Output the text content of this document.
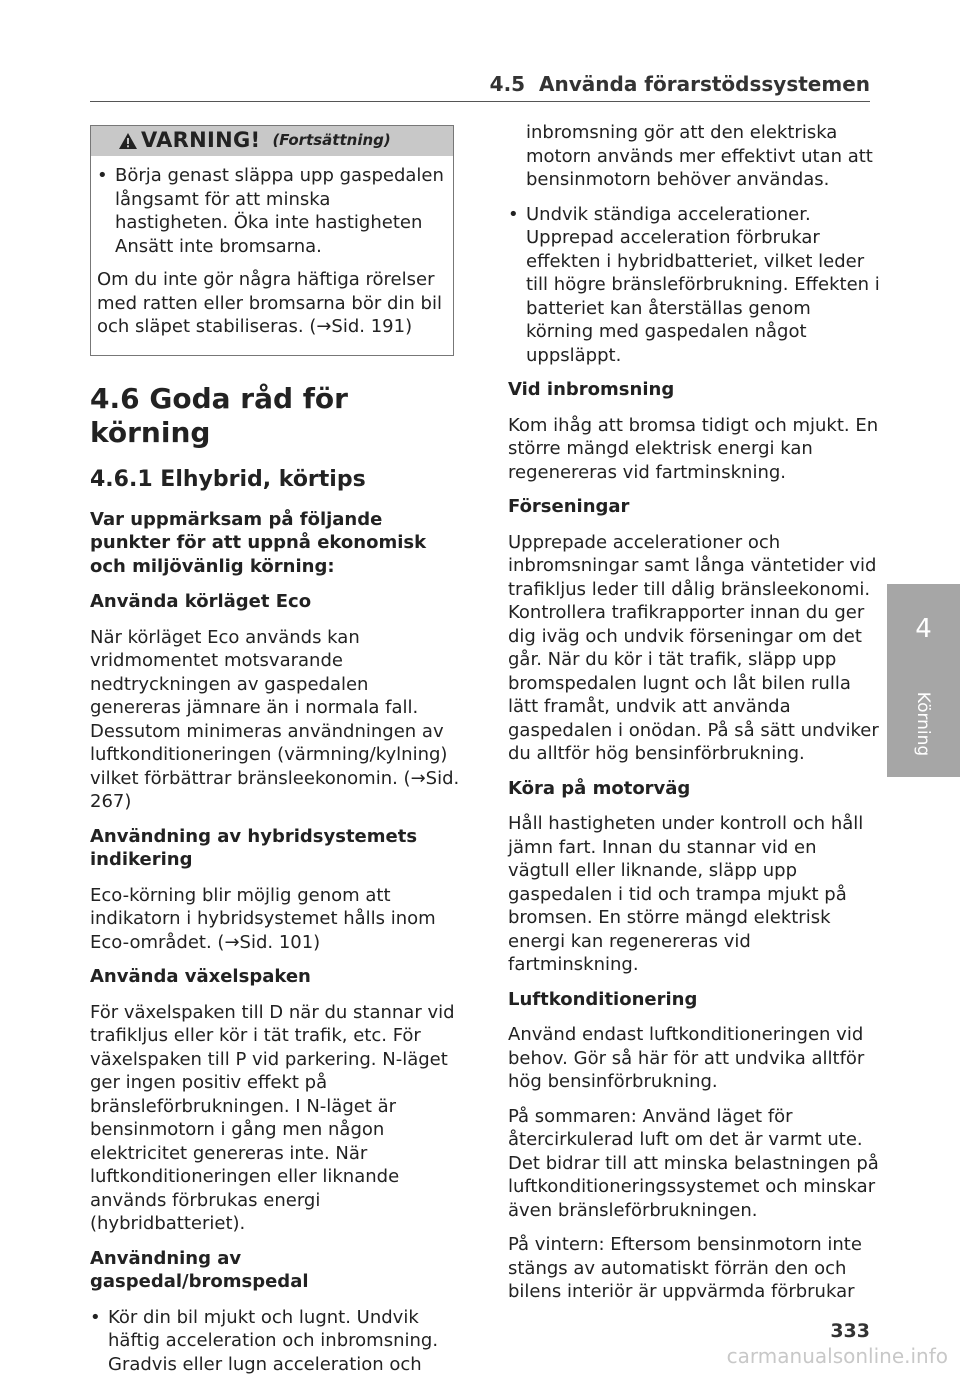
4.5 Använda förarstödssystemen
VARNING! (Fortsättning)

• Börja genast släppa upp gaspedalen långsamt för att minska hastigheten. Öka inte hastigheten Ansätt inte bromsarna.

Om du inte gör några häftiga rörelser med ratten eller bromsarna bör din bil och släpet stabiliseras. (→Sid. 191)

4.6 Goda råd för körning
4.6.1 Elhybrid, körtips

Var uppmärksam på följande punkter för att uppnå ekonomisk och miljövänlig körning:

Använda körläget Eco

När körläget Eco används kan vridmomentet motsvarande nedtryckningen av gaspedalen genereras jämnare än i normala fall. Dessutom minimeras användningen av luftkonditioneringen (värmning/kylning) vilket förbättrar bränsleekonomin. (→Sid. 267)

Användning av hybridsystemets indikering

Eco-körning blir möjlig genom att indikatorn i hybridsystemet hålls inom Eco-området. (→Sid. 101)

Använda växelspaken

För växelspaken till D när du stannar vid trafikljus eller kör i tät trafik, etc. För växelspaken till P vid parkering. N-läget ger ingen positiv effekt på bränsleförbrukningen. I N-läget är bensinmotorn i gång men någon elektricitet genereras inte. När luftkonditioneringen eller liknande används förbrukas energi (hybridbatteriet).

Användning av gaspedal/bromspedal

• Kör din bil mjukt och lugnt. Undvik häftig acceleration och inbromsning. Gradvis eller lugn acceleration och

inbromsning gör att den elektriska motorn används mer effektivt utan att bensinmotorn behöver användas.

• Undvik ständiga accelerationer. Upprepad acceleration förbrukar effekten i hybridbatteriet, vilket leder till högre bränsleförbrukning. Effekten i batteriet kan återställas genom körning med gaspedalen något uppsläppt.

Vid inbromsning

Kom ihåg att bromsa tidigt och mjukt. En större mängd elektrisk energi kan regenereras vid fartminskning.

Förseningar

Upprepade accelerationer och inbromsningar samt långa väntetider vid trafikljus leder till dålig bränsleekonomi. Kontrollera trafikrapporter innan du ger dig iväg och undvik förseningar om det går. När du kör i tät trafik, släpp upp bromspedalen lugnt och låt bilen rulla lätt framåt, undvik att använda gaspedalen i onödan. På så sätt undviker du alltför hög bensinförbrukning.

Köra på motorväg

Håll hastigheten under kontroll och håll jämn fart. Innan du stannar vid en vägtull eller liknande, släpp upp gaspedalen i tid och trampa mjukt på bromsen. En större mängd elektrisk energi kan regenereras vid fartminskning.

Luftkonditionering

Använd endast luftkonditioneringen vid behov. Gör så här för att undvika alltför hög bensinförbrukning.

På sommaren: Använd läget för återcirkulerad luft om det är varmt ute. Det bidrar till att minska belastningen på luftkonditioneringssystemet och minskar även bränsleförbrukningen.

På vintern: Eftersom bensinmotorn inte stängs av automatiskt förrän den och bilens interiör är uppvärmda förbrukar

4
Körning
333
carmanualsonline.info
